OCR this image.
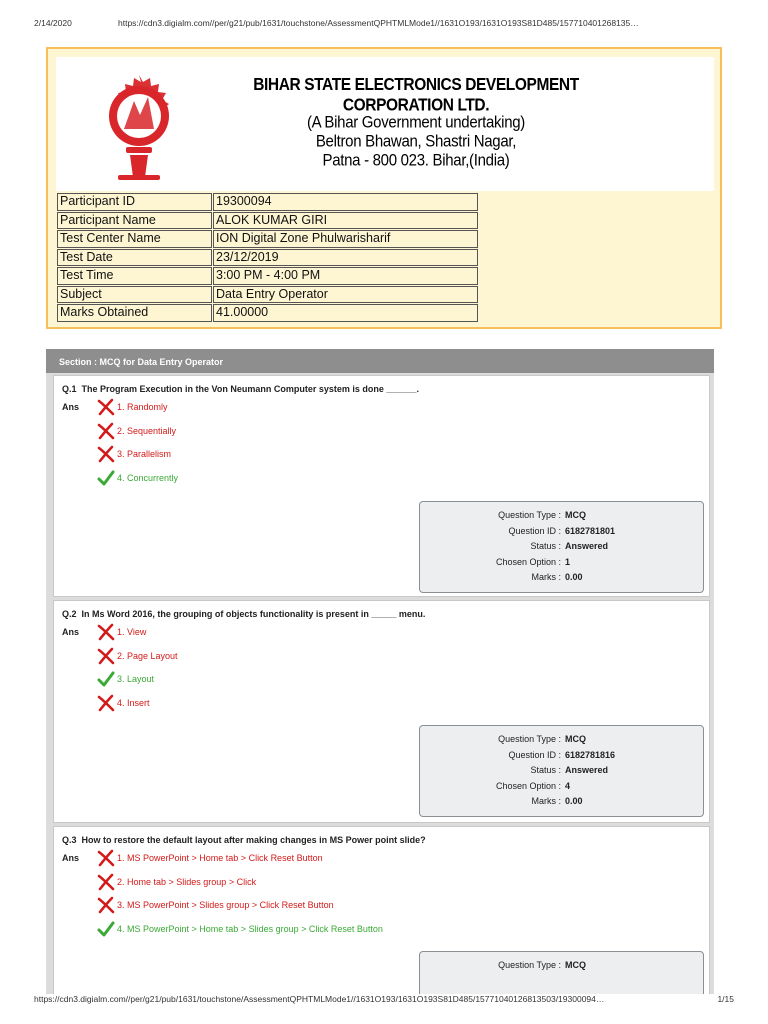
2/14/2020	https://cdn3.digialm.com//per/g21/pub/1631/touchstone/AssessmentQPHTMLMode1//1631O193/1631O193S81D485/157710401268135…
BIHAR STATE ELECTRONICS DEVELOPMENT CORPORATION LTD.
(A Bihar Government undertaking)
Beltron Bhawan, Shastri Nagar,
Patna - 800 023. Bihar,(India)
Participant ID	19300094
Participant Name	ALOK KUMAR GIRI
Test Center Name	ION Digital Zone Phulwarisharif
Test Date	23/12/2019
Test Time	3:00 PM - 4:00 PM
Subject	Data Entry Operator
Marks Obtained	41.00000
Section : MCQ for Data Entry Operator
Q.1 The Program Execution in the Von Neumann Computer system is done ______.
Ans	1. Randomly
2. Sequentially
3. Parallelism
4. Concurrently
Question Type : MCQ
Question ID : 6182781801
Status : Answered
Chosen Option : 1
Marks : 0.00
Q.2 In Ms Word 2016, the grouping of objects functionality is present in _____ menu.
Ans	1. View
2. Page Layout
3. Layout
4. Insert
Question Type : MCQ
Question ID : 6182781816
Status : Answered
Chosen Option : 4
Marks : 0.00
Q.3 How to restore the default layout after making changes in MS Power point slide?
Ans	1. MS PowerPoint > Home tab > Click Reset Button
2. Home tab > Slides group > Click
3. MS PowerPoint > Slides group > Click Reset Button
4. MS PowerPoint > Home tab > Slides group > Click Reset Button
Question Type : MCQ
https://cdn3.digialm.com//per/g21/pub/1631/touchstone/AssessmentQPHTMLMode1//1631O193/1631O193S81D485/15771040126813503/19300094…	1/15
